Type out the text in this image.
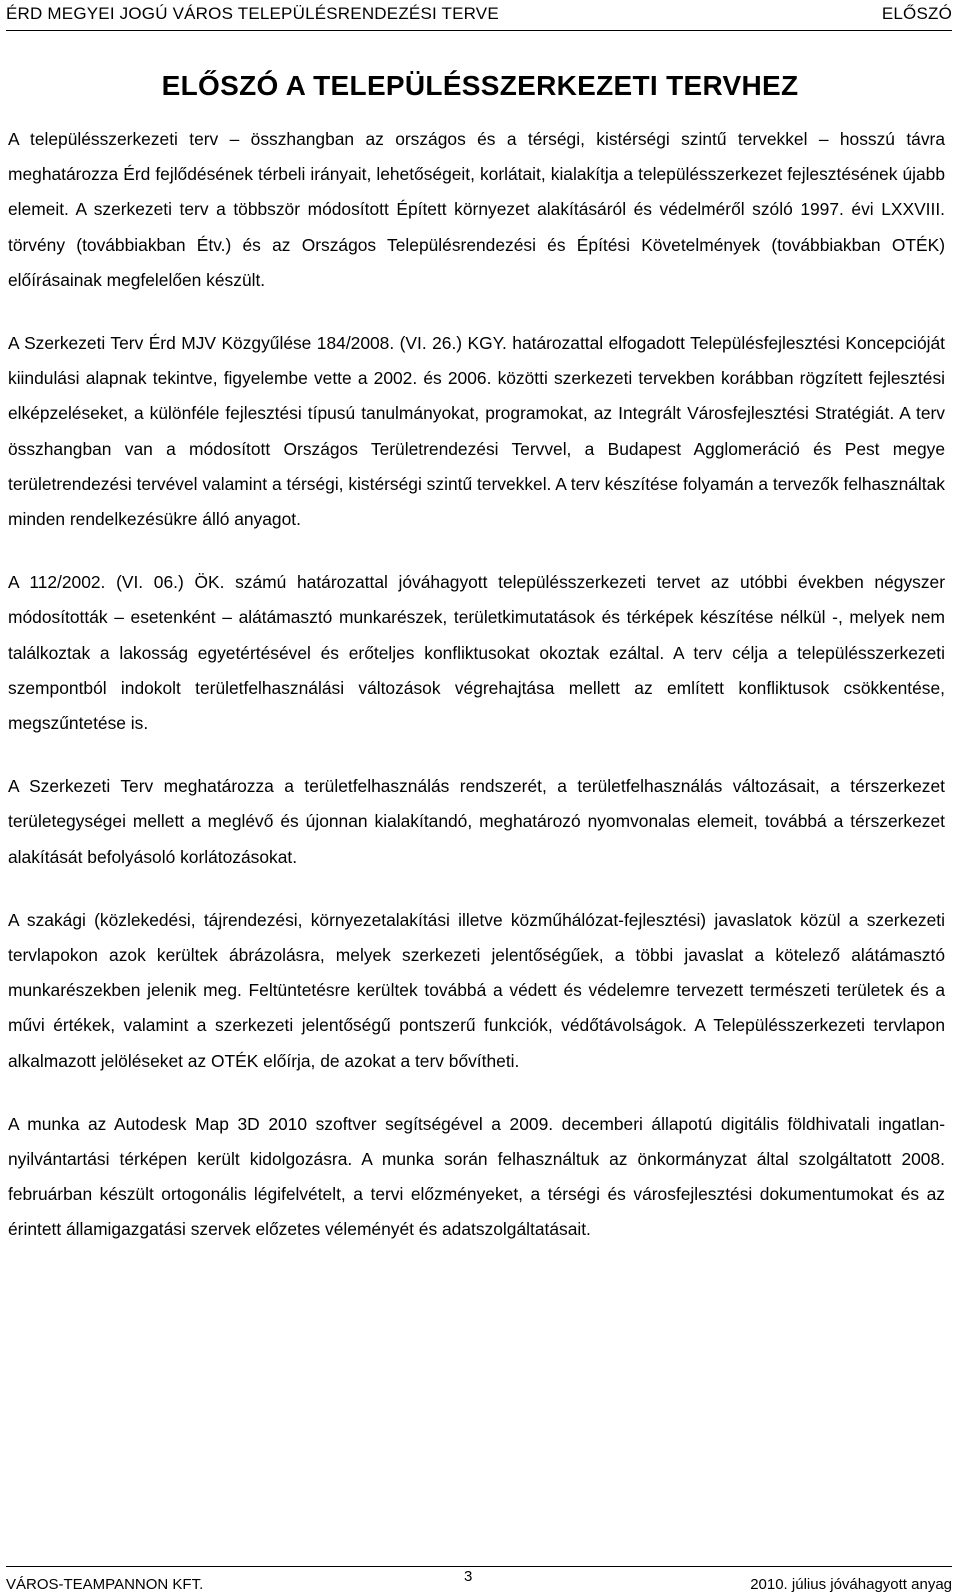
ÉRD MEGYEI JOGÚ VÁROS TELEPÜLÉSRENDEZÉSI TERVE	ELŐSZÓ
ELŐSZÓ A TELEPÜLÉSSZERKEZETI TERVHEZ

A településszerkezeti terv – összhangban az országos és a térségi, kistérségi szintű tervekkel – hosszú távra meghatározza Érd fejlődésének térbeli irányait, lehetőségeit, korlátait, kialakítja a településszerkezet fejlesztésének újabb elemeit. A szerkezeti terv a többször módosított Épített környezet alakításáról és védelméről szóló 1997. évi LXXVIII. törvény (továbbiakban Étv.) és az Országos Településrendezési és Építési Követelmények (továbbiakban OTÉK) előírásainak megfelelően készült.

A Szerkezeti Terv Érd MJV Közgyűlése 184/2008. (VI. 26.) KGY. határozattal elfogadott Településfejlesztési Koncepcióját kiindulási alapnak tekintve, figyelembe vette a 2002. és 2006. közötti szerkezeti tervekben korábban rögzített fejlesztési elképzeléseket, a különféle fejlesztési típusú tanulmányokat, programokat, az Integrált Városfejlesztési Stratégiát. A terv összhangban van a módosított Országos Területrendezési Tervvel, a Budapest Agglomeráció és Pest megye területrendezési tervével valamint a térségi, kistérségi szintű tervekkel. A terv készítése folyamán a tervezők felhasználtak minden rendelkezésükre álló anyagot.

A 112/2002. (VI. 06.) ÖK. számú határozattal jóváhagyott településszerkezeti tervet az utóbbi években négyszer módosították – esetenként – alátámasztó munkarészek, területkimutatások és térképek készítése nélkül -, melyek nem találkoztak a lakosság egyetértésével és erőteljes konfliktusokat okoztak ezáltal. A terv célja a településszerkezeti szempontból indokolt területfelhasználási változások végrehajtása mellett az említett konfliktusok csökkentése, megszűntetése is.

A Szerkezeti Terv meghatározza a területfelhasználás rendszerét, a területfelhasználás változásait, a térszerkezet területegységei mellett a meglévő és újonnan kialakítandó, meghatározó nyomvonalas elemeit, továbbá a térszerkezet alakítását befolyásoló korlátozásokat.

A szakági (közlekedési, tájrendezési, környezetalakítási illetve közműhálózat-fejlesztési) javaslatok közül a szerkezeti tervlapokon azok kerültek ábrázolásra, melyek szerkezeti jelentőségűek, a többi javaslat a kötelező alátámasztó munkarészekben jelenik meg. Feltüntetésre kerültek továbbá a védett és védelemre tervezett természeti területek és a művi értékek, valamint a szerkezeti jelentőségű pontszerű funkciók, védőtávolságok. A Településszerkezeti tervlapon alkalmazott jelöléseket az OTÉK előírja, de azokat a terv bővítheti.

A munka az Autodesk Map 3D 2010 szoftver segítségével a 2009. decemberi állapotú digitális földhivatali ingatlan-nyilvántartási térképen került kidolgozásra. A munka során felhasználtuk az önkormányzat által szolgáltatott 2008. februárban készült ortogonális légifelvételt, a tervi előzményeket, a térségi és városfejlesztési dokumentumokat és az érintett államigazgatási szervek előzetes véleményét és adatszolgáltatásait.

VÁROS-TEAMPANNON KFT.	3	2010. július jóváhagyott anyag
